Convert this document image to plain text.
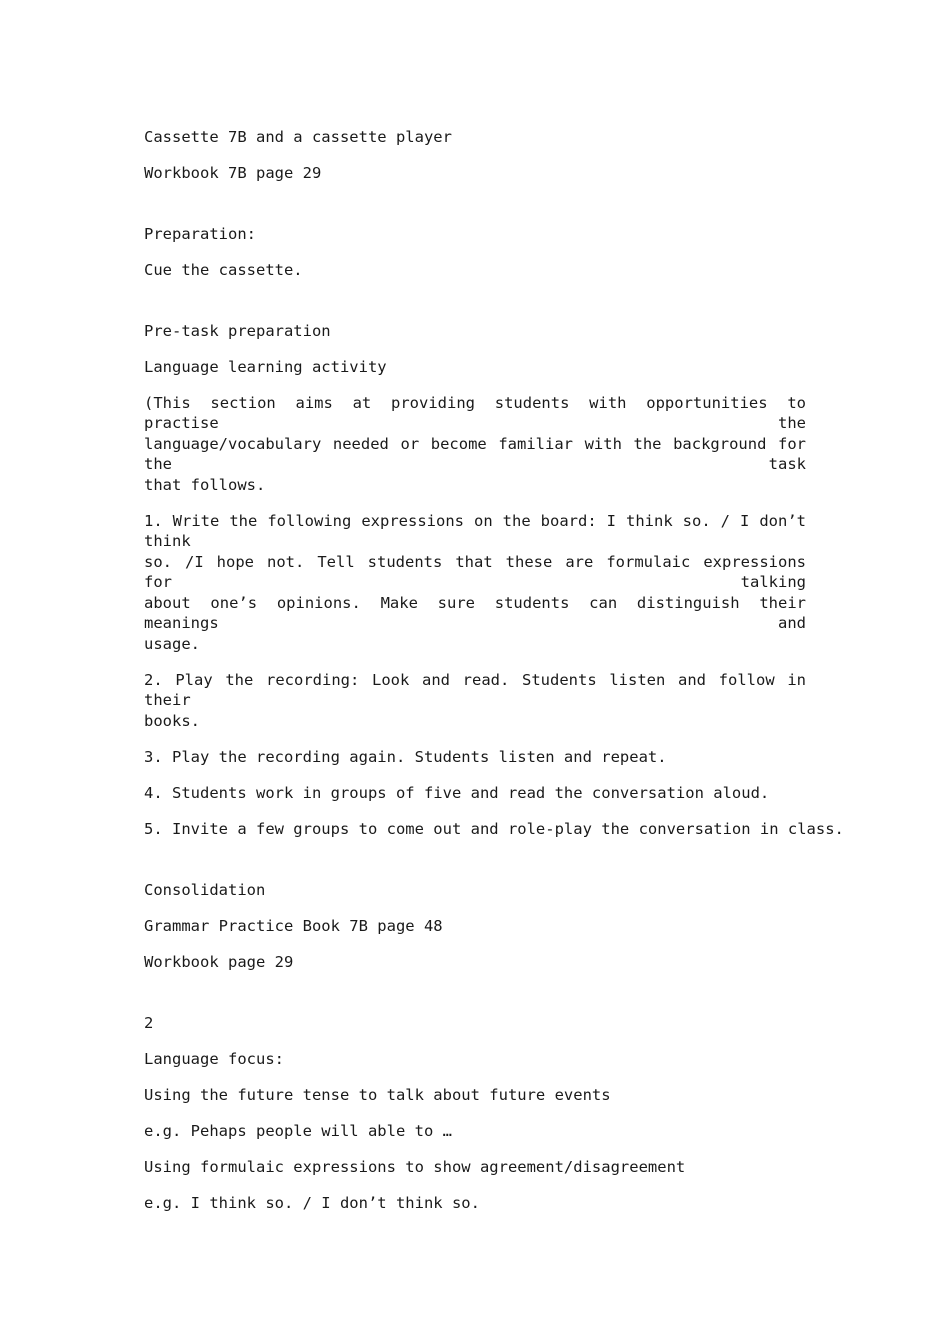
Cassette 7B and a cassette player
Workbook 7B page 29
Preparation:
Cue the cassette.
Pre-task preparation
Language learning activity
(This section aims at providing students with opportunities to practise the
language/vocabulary needed or become familiar with the background for the task
that follows.
1. Write the following expressions on the board: I think so. / I don’t think
so. /I hope not. Tell students that these are formulaic expressions for talking
about one’s opinions. Make sure students can distinguish their meanings and
usage.
2. Play the recording: Look and read. Students listen and follow in their
books.
3. Play the recording again. Students listen and repeat.
4. Students work in groups of five and read the conversation aloud.
5. Invite a few groups to come out and role-play the conversation in class.
Consolidation
Grammar Practice Book 7B page 48
Workbook page 29
2
Language focus:
Using the future tense to talk about future events
e.g. Pehaps people will able to …
Using formulaic expressions to show agreement/disagreement
e.g. I think so. / I don’t think so.
